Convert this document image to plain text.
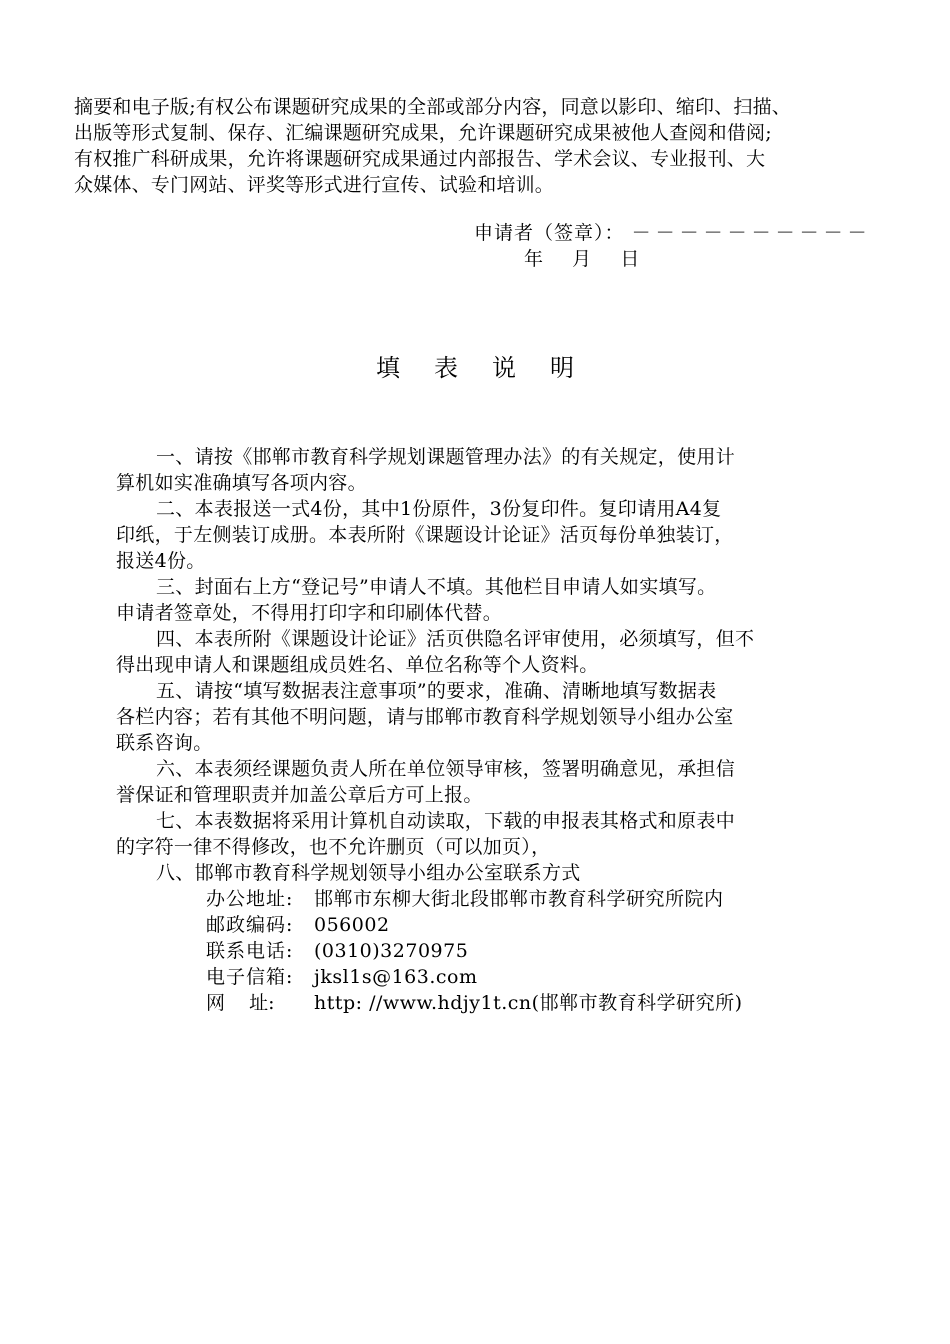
摘要和电子版;有权公布课题研究成果的全部或部分内容，同意以影印、缩印、扫描、
出版等形式复制、保存、汇编课题研究成果，允许课题研究成果被他人查阅和借阅;
有权推广科研成果，允许将课题研究成果通过内部报告、学术会议、专业报刊、大
众媒体、专门网站、评奖等形式进行宣传、试验和培训。
申请者（签章）： －－－－－－－－－－
年    月    日
填表说明
一、请按《邯郸市教育科学规划课题管理办法》的有关规定，使用计
算机如实准确填写各项内容。
二、本表报送一式4份，其中1份原件，3份复印件。复印请用A4复
印纸，于左侧装订成册。本表所附《课题设计论证》活页每份单独装订，
报送4份。
三、封面右上方“登记号”申请人不填。其他栏目申请人如实填写。
申请者签章处，不得用打印字和印刷体代替。
四、本表所附《课题设计论证》活页供隐名评审使用，必须填写，但不
得出现申请人和课题组成员姓名、单位名称等个人资料。
五、请按“填写数据表注意事项”的要求，准确、清晰地填写数据表
各栏内容；若有其他不明问题，请与邯郸市教育科学规划领导小组办公室
联系咨询。
六、本表须经课题负责人所在单位领导审核，签署明确意见，承担信
誉保证和管理职责并加盖公章后方可上报。
七、本表数据将采用计算机自动读取，下载的申报表其格式和原表中
的字符一律不得修改，也不允许删页（可以加页），
八、邯郸市教育科学规划领导小组办公室联系方式
办公地址: 邯郸市东柳大街北段邯郸市教育科学研究所院内
邮政编码: 056002
联系电话: (0310)3270975
电子信箱: jksl1s@163.com
网    址: http: //www.hdjy1t.cn(邯郸市教育科学研究所)
